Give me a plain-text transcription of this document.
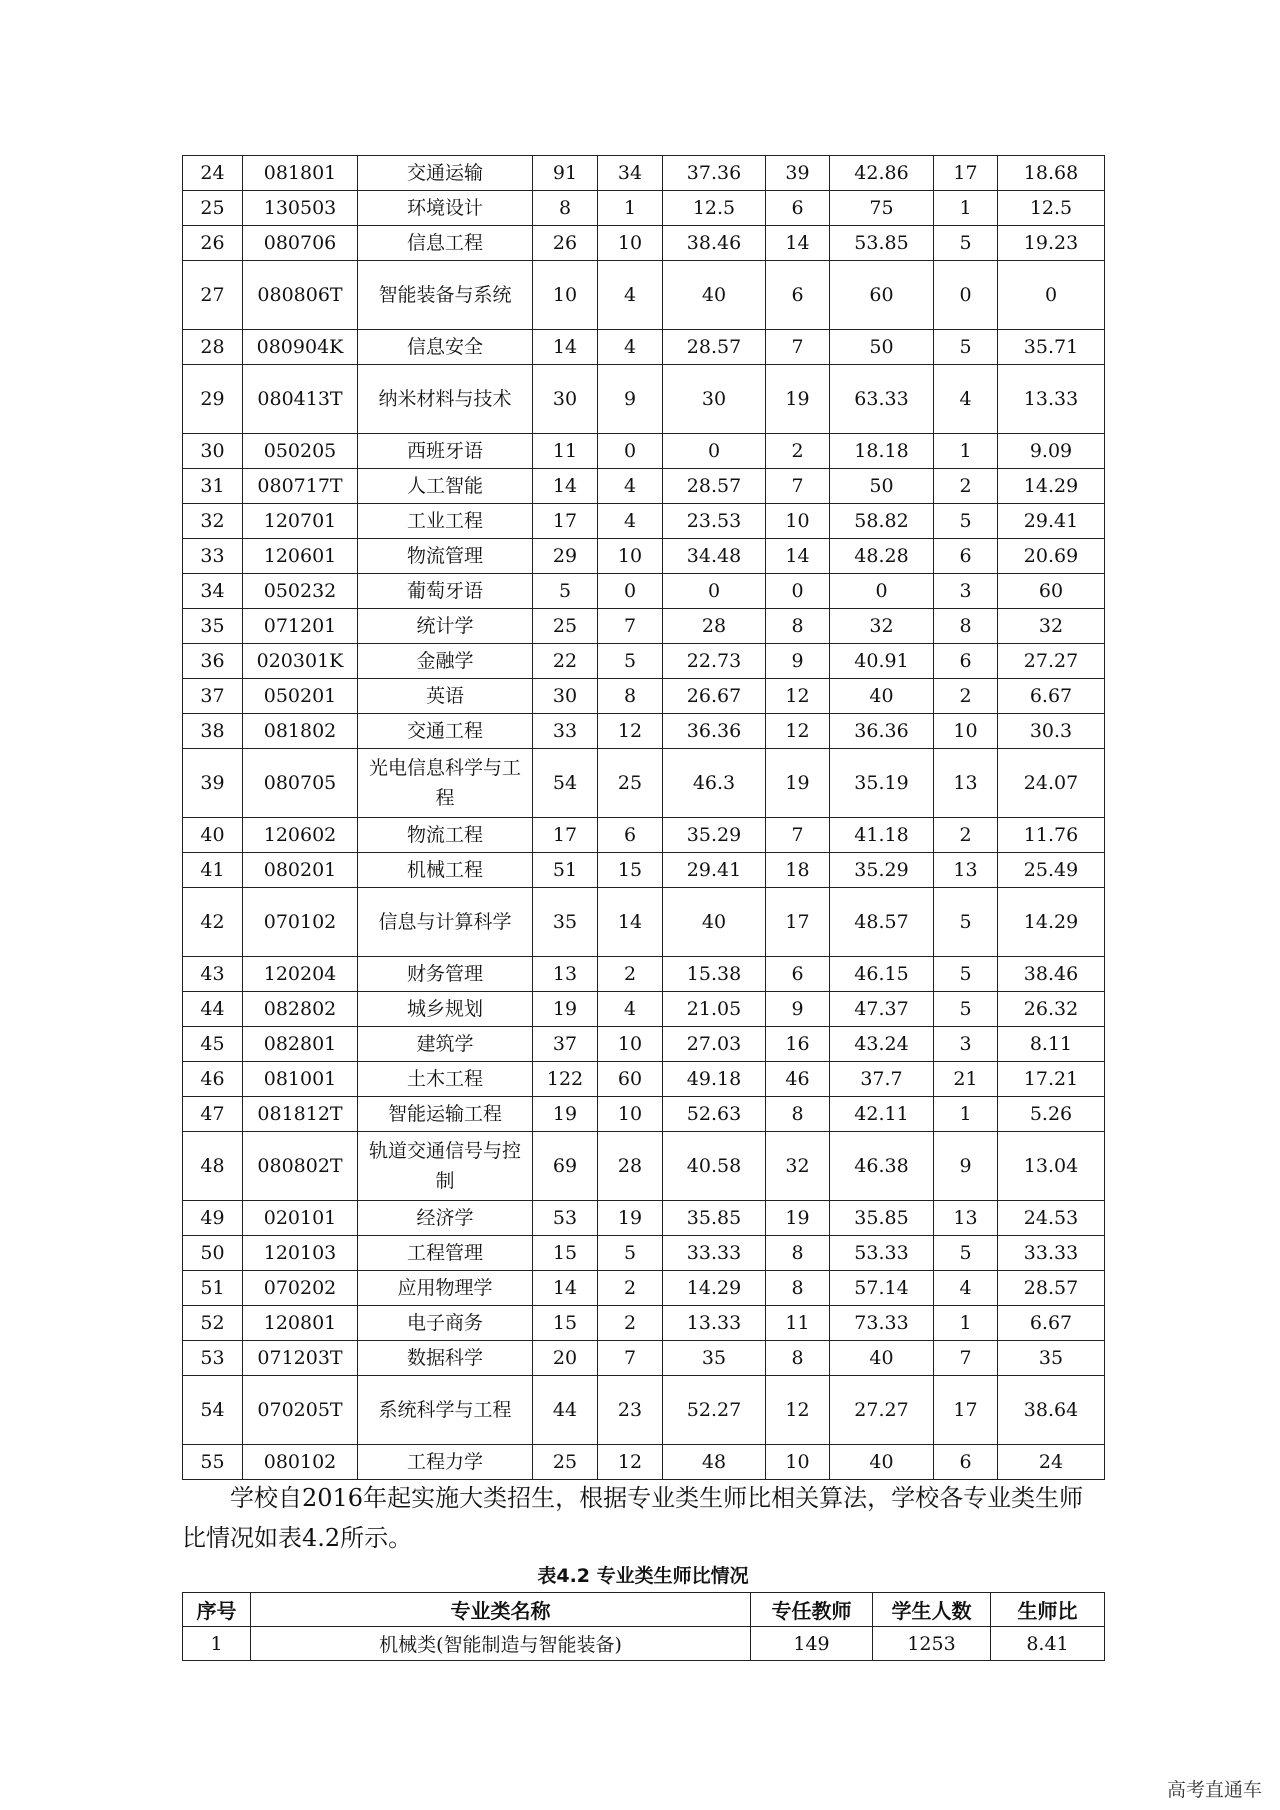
24	081801	交通运输	91	34	37.36	39	42.86	17	18.68
25	130503	环境设计	8	1	12.5	6	75	1	12.5
26	080706	信息工程	26	10	38.46	14	53.85	5	19.23
27	080806T	智能装备与系统	10	4	40	6	60	0	0
28	080904K	信息安全	14	4	28.57	7	50	5	35.71
29	080413T	纳米材料与技术	30	9	30	19	63.33	4	13.33
30	050205	西班牙语	11	0	0	2	18.18	1	9.09
31	080717T	人工智能	14	4	28.57	7	50	2	14.29
32	120701	工业工程	17	4	23.53	10	58.82	5	29.41
33	120601	物流管理	29	10	34.48	14	48.28	6	20.69
34	050232	葡萄牙语	5	0	0	0	0	3	60
35	071201	统计学	25	7	28	8	32	8	32
36	020301K	金融学	22	5	22.73	9	40.91	6	27.27
37	050201	英语	30	8	26.67	12	40	2	6.67
38	081802	交通工程	33	12	36.36	12	36.36	10	30.3
39	080705	光电信息科学与工程	54	25	46.3	19	35.19	13	24.07
40	120602	物流工程	17	6	35.29	7	41.18	2	11.76
41	080201	机械工程	51	15	29.41	18	35.29	13	25.49
42	070102	信息与计算科学	35	14	40	17	48.57	5	14.29
43	120204	财务管理	13	2	15.38	6	46.15	5	38.46
44	082802	城乡规划	19	4	21.05	9	47.37	5	26.32
45	082801	建筑学	37	10	27.03	16	43.24	3	8.11
46	081001	土木工程	122	60	49.18	46	37.7	21	17.21
47	081812T	智能运输工程	19	10	52.63	8	42.11	1	5.26
48	080802T	轨道交通信号与控制	69	28	40.58	32	46.38	9	13.04
49	020101	经济学	53	19	35.85	19	35.85	13	24.53
50	120103	工程管理	15	5	33.33	8	53.33	5	33.33
51	070202	应用物理学	14	2	14.29	8	57.14	4	28.57
52	120801	电子商务	15	2	13.33	11	73.33	1	6.67
53	071203T	数据科学	20	7	35	8	40	7	35
54	070205T	系统科学与工程	44	23	52.27	12	27.27	17	38.64
55	080102	工程力学	25	12	48	10	40	6	24

学校自2016年起实施大类招生，根据专业类生师比相关算法，学校各专业类生师比情况如表4.2所示。

表4.2 专业类生师比情况

序号	专业类名称	专任教师	学生人数	生师比
1	机械类(智能制造与智能装备)	149	1253	8.41

高考直通车
